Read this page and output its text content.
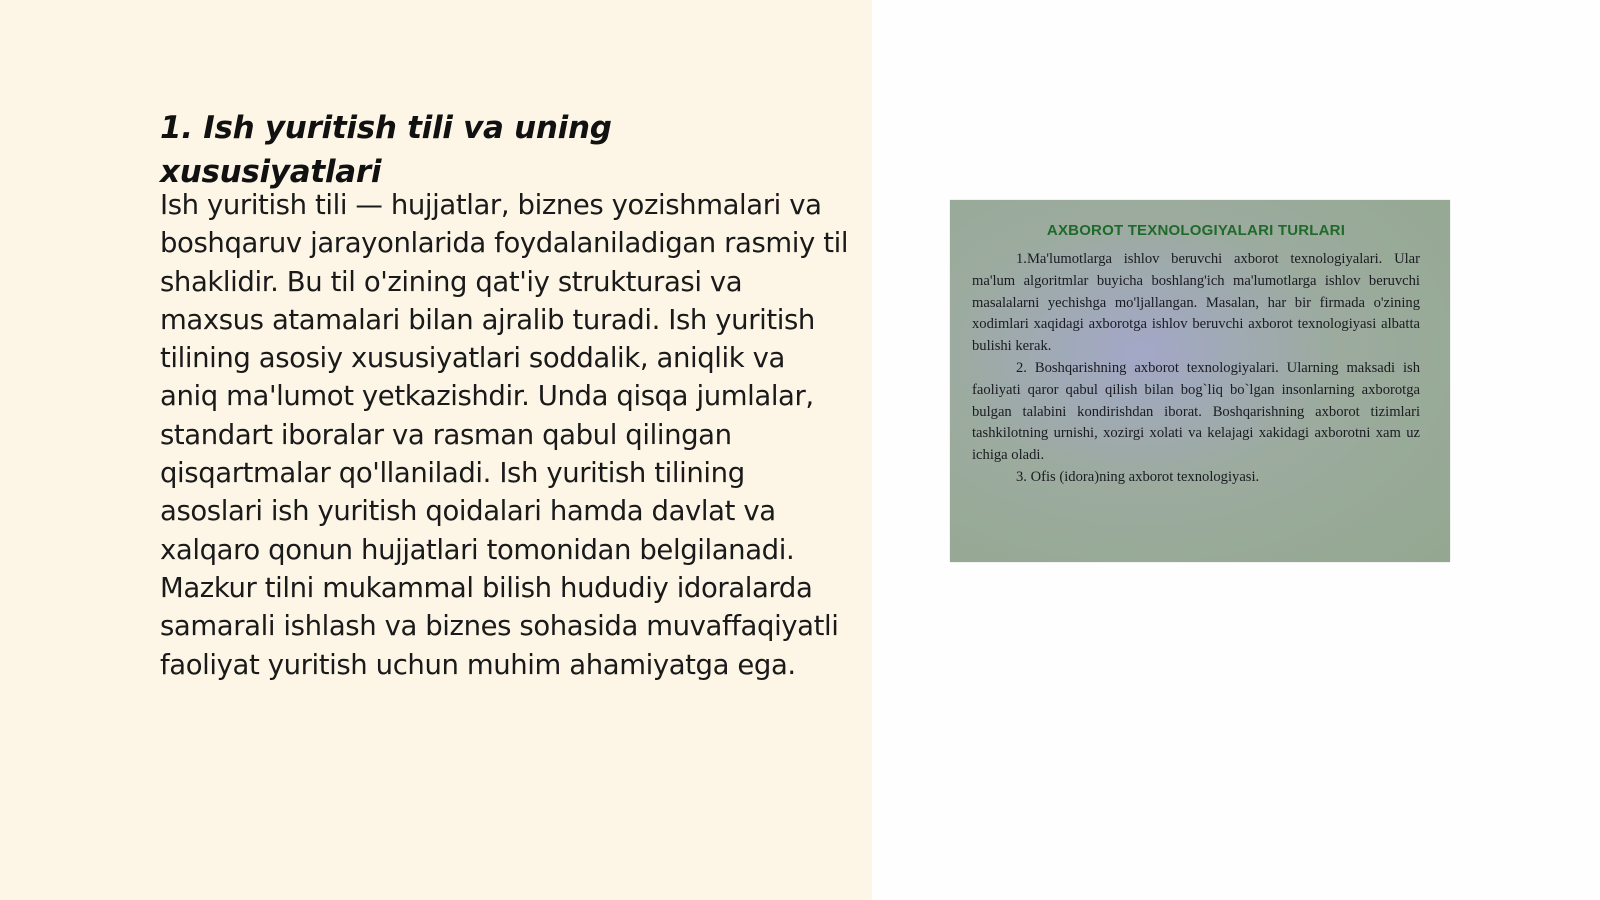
1. Ish yuritish tili va uning xususiyatlari

Ish yuritish tili — hujjatlar, biznes yozishmalari va boshqaruv jarayonlarida foydalaniladigan rasmiy til shaklidir. Bu til o'zining qat'iy strukturasi va maxsus atamalari bilan ajralib turadi. Ish yuritish tilining asosiy xususiyatlari soddalik, aniqlik va aniq ma'lumot yetkazishdir. Unda qisqa jumlalar, standart iboralar va rasman qabul qilingan qisqartmalar qo'llaniladi. Ish yuritish tilining asoslari ish yuritish qoidalari hamda davlat va xalqaro qonun hujjatlari tomonidan belgilanadi. Mazkur tilni mukammal bilish hududiy idoralarda samarali ishlash va biznes sohasida muvaffaqiyatli faoliyat yuritish uchun muhim ahamiyatga ega.

AXBOROT TEXNOLOGIYALARI TURLARI

1.Ma'lumotlarga ishlov beruvchi axborot texnologiyalari. Ular ma'lum algoritmlar buyicha boshlang'ich ma'lumotlarga ishlov beruvchi masalalarni yechishga mo'ljallangan. Masalan, har bir firmada o'zining xodimlari xaqidagi axborotga ishlov beruvchi axborot texnologiyasi albatta bulishi kerak.

2. Boshqarishning axborot texnologiyalari. Ularning maksadi ish faoliyati qaror qabul qilish bilan bog`liq bo`lgan insonlarning axborotga bulgan talabini kondirishdan iborat. Boshqarishning axborot tizimlari tashkilotning urnishi, xozirgi xolati va kelajagi xakidagi axborotni xam uz ichiga oladi.

3. Ofis (idora)ning axborot texnologiyasi.
